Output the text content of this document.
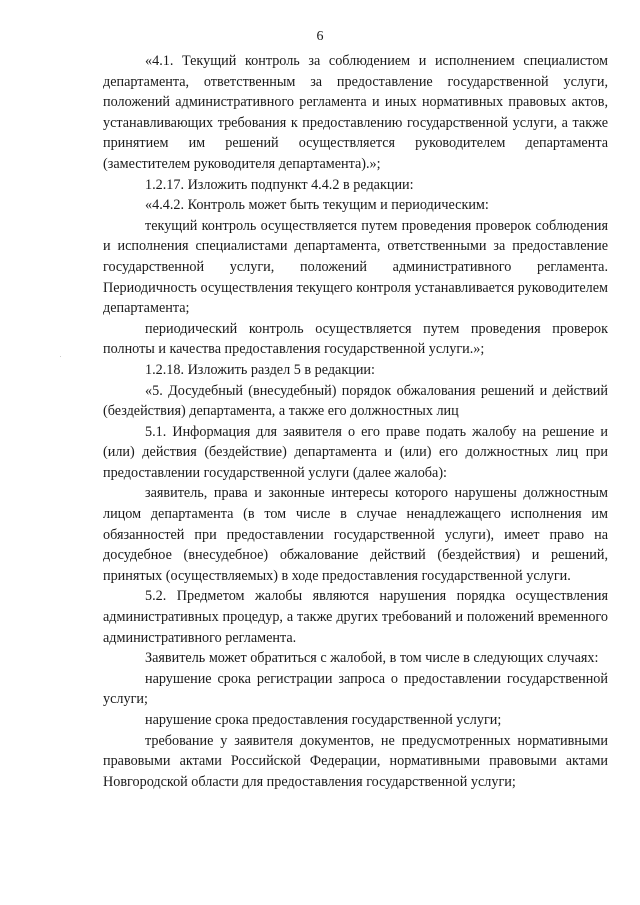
6

«4.1. Текущий контроль за соблюдением и исполнением специалистом департамента, ответственным за предоставление государственной услуги, положений административного регламента и иных нормативных правовых актов, устанавливающих требования к предоставлению государственной услуги, а также принятием им решений осуществляется руководителем департамента (заместителем руководителя департамента).»;

1.2.17. Изложить подпункт 4.4.2 в редакции:

«4.4.2. Контроль может быть текущим и периодическим:

текущий контроль осуществляется путем проведения проверок соблюдения и исполнения специалистами департамента, ответственными за предоставление государственной услуги, положений административного регламента. Периодичность осуществления текущего контроля устанавливается руководителем департамента;

периодический контроль осуществляется путем проведения проверок полноты и качества предоставления государственной услуги.»;

1.2.18. Изложить раздел 5 в редакции:

«5. Досудебный (внесудебный) порядок обжалования решений и действий (бездействия) департамента, а также его должностных лиц

5.1. Информация для заявителя о его праве подать жалобу на решение и (или) действия (бездействие) департамента и (или) его должностных лиц при предоставлении государственной услуги (далее жалоба):

заявитель, права и законные интересы которого нарушены должностным лицом департамента (в том числе в случае ненадлежащего исполнения им обязанностей при предоставлении государственной услуги), имеет право на досудебное (внесудебное) обжалование действий (бездействия) и решений, принятых (осуществляемых) в ходе предоставления государственной услуги.

5.2. Предметом жалобы являются нарушения порядка осуществления административных процедур, а также других требований и положений временного административного регламента.

Заявитель может обратиться с жалобой, в том числе в следующих случаях:

нарушение срока регистрации запроса о предоставлении государственной услуги;

нарушение срока предоставления государственной услуги;

требование у заявителя документов, не предусмотренных нормативными правовыми актами Российской Федерации, нормативными правовыми актами Новгородской области для предоставления государственной услуги;
